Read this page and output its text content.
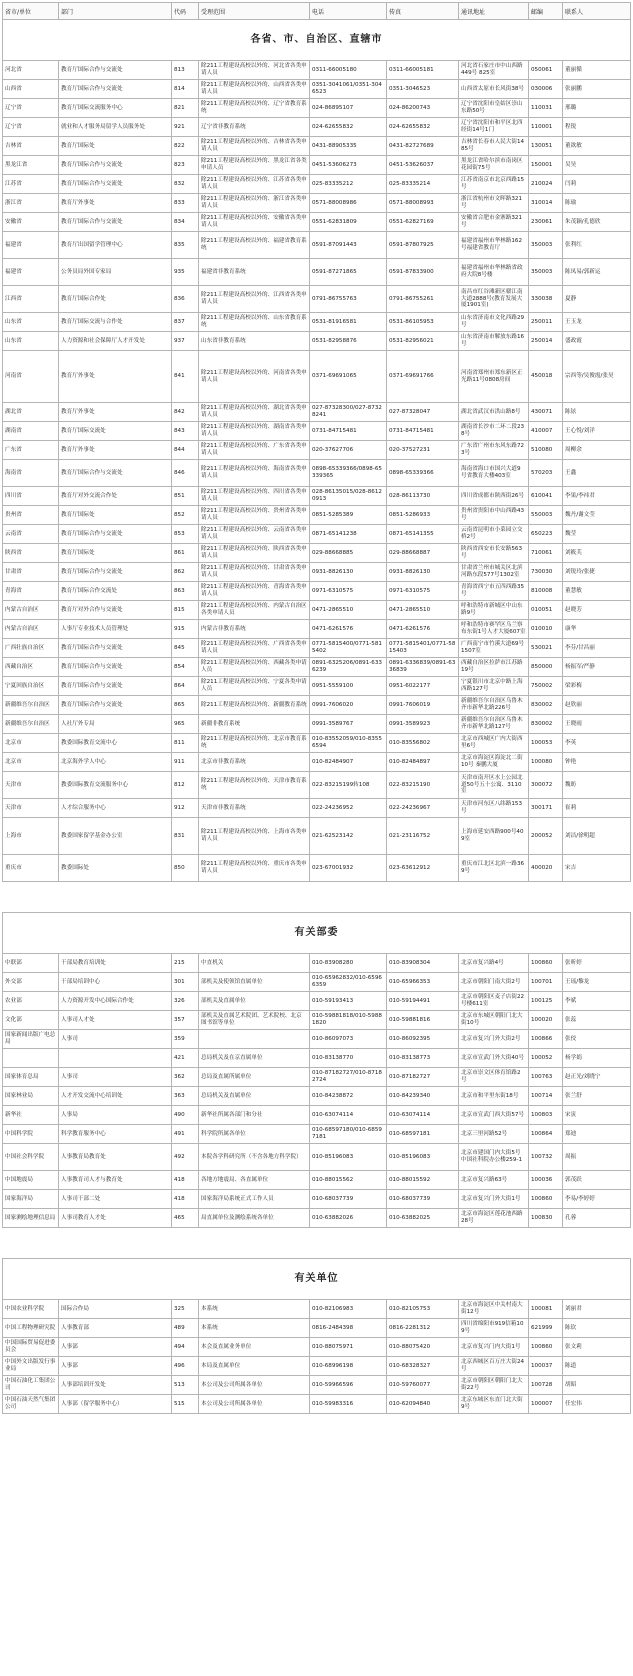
省市/单位	部门	代码	受理范围	电话	传真	通讯地址	邮编	联系人
各省、市、自治区、直辖市								
河北省	教育厅国际合作与交流处	813	除211工程建设高校以外的、河北省各类申请人员	0311-66005180	0311-66005181	河北省石家庄市中山西路449号 825室	050061	董丽循
山西省	教育厅国际合作与交流处	814	除211工程建设高校以外的、山西省各类申请人员	0351-3041061/0351-3046523	0351-3046523	山西省太原市长风街38号	030006	张丽鹏
辽宁省	教育厅国际交流服务中心	821	除211工程建设高校以外的、辽宁省教育系统	024-86895107	024-86200743	辽宁省沈阳市皇姑区崇山东路50号	110031	邢璐
辽宁省	就业和人才服务局留学人员服务处	921	辽宁省非教育系统	024-62655832	024-62655832	辽宁省沈阳市和平区北四经街14号1门	110001	程锐
吉林省	教育厅国际处	822	除211工程建设高校以外的、吉林省各类申请人员	0431-88905335	0431-82727689	吉林省长春市人民大街1485号	130051	董欲敏
黑龙江省	教育厅国际合作与交流处	823	除211工程建设高校以外的、黑龙江省各类申请人员	0451-53606273	0451-53626037	黑龙江省哈尔滨市南岗区花园街75号	150001	吴昊
江苏省	教育厅国际合作与交流处	832	除211工程建设高校以外的、江苏省各类申请人员	025-83335212	025-83335214	江苏省南京市北京西路15号	210024	闫莉
浙江省	教育厅外事处	833	除211工程建设高校以外的、浙江省各类申请人员	0571-88008986	0571-88008993	浙江省杭州市文晖路321号	310014	陈瑜
安徽省	教育厅国际合作与交流处	834	除211工程建设高校以外的、安徽省各类申请人员	0551-62831809	0551-62827169	安徽省合肥市金寨路321号	230061	朱茂颖/孔德欣
福建省	教育厅出国留学管理中心	835	除211工程建设高校以外的、福建省教育系统	0591-87091443	0591-87807925	福建省福州市华林路162号福建省教育厅	350003	张利红
福建省	公务员局外国专家局	935	福建省非教育系统	0591-87271865	0591-87833900	福建省福州市华林路省政府大院8号楼	350003	陈凤易/郭新运
江西省	教育厅国际合作处	836	除211工程建设高校以外的、江西省各类申请人员	0791-86755763	0791-86755261	南昌市红谷滩新区赣江南大道2888号(教育发展大厦1901室)	330038	夏静
山东省	教育厅国际交流与合作处	837	除211工程建设高校以外的、山东省教育系统	0531-81916581	0531-86105953	山东省济南市文化西路29号	250011	王玉龙
山东省	人力资源和社会保障厅人才开发处	937	山东省非教育系统	0531-82958876	0531-82956021	山东省济南市解放东路16号	250014	盛政霞
河南省	教育厅外事处	841	除211工程建设高校以外的、河南省各类申请人员	0371-69691065	0371-69691766	河南省郑州市郑东新区正光路11号0808房间	450018	宗西等/吴俊霞/张昊
湖北省	教育厅外事处	842	除211工程建设高校以外的、湖北省各类申请人员	027-87328300/027-87328241	027-87328047	湖北省武汉市洪山路8号	430071	陈铉
湖南省	教育厅国际交流处	843	除211工程建设高校以外的、湖南省各类申请人员	0731-84715481	0731-84715481	湖南省长沙市二环二段238号	410007	王心悦/刘洋
广东省	教育厅外事处	844	除211工程建设高校以外的、广东省各类申请人员	020-37627706	020-37527231	广东省广州市东风东路723号	510080	周柳余
海南省	教育厅国际合作与交流处	846	除211工程建设高校以外的、海南省各类申请人员	0898-65339366/0898-65339365	0898-65339366	海南省海口市国兴大道9号省教育大楼403室	570203	王鑫
四川省	教育厅对外交流合作处	851	除211工程建设高校以外的、四川省各类申请人员	028-86135015/028-86120913	028-86113730	四川省成都市陕西街26号	610041	李果/李祎君
贵州省	教育厅国际处	852	除211工程建设高校以外的、贵州省各类申请人员	0851-5285389	0851-5286933	贵州省贵阳市中山西路43号	550003	魏丹/谢文莹
云南省	教育厅国际合作与交流处	853	除211工程建设高校以外的、云南省各类申请人员	0871-65141238	0871-65141355	云南省昆明市小菜园立交桥2号	650223	魏莹
陕西省	教育厅国际处	861	除211工程建设高校以外的、陕西省各类申请人员	029-88668885	029-88668887	陕西省西安市长安路563号	710061	刘筱芙
甘肃省	教育厅国际合作与交流处	862	除211工程建设高校以外的、甘肃省各类申请人员	0931-8826130	0931-8826130	甘肃省兰州市城关区北滨河路东段577号1302室	730030	刘锐玲/张捷
青海省	教育厅国际合作交流处	863	除211工程建设高校以外的、青海省各类申请人员	0971-6310575	0971-6310575	青海省西宁市五四西路35号	810008	董慧敏
内蒙古自治区	教育厅对外合作与交流处	815	除211工程建设高校以外的、内蒙古自治区各类申请人员	0471-2865510	0471-2865510	呼和浩特市新城区中山东路9号	010051	赵晓芳
内蒙古自治区	人事厅专业技术人员管理处	915	内蒙古非教育系统	0471-6261576	0471-6261576	呼和浩特市赛罕区乌兰察布东街1号人才大厦607室	010010	康华
广西壮族自治区	教育厅国际合作与交流处	845	除211工程建设高校以外的、广西省各类申请人员	0771-5815400/0771-5815402	0771-5815401/0771-5815403	广西南宁市竹溪大道69号1507室	530021	李芬/甘昌丽
西藏自治区	教育厅国际合作与交流处	854	除211工程建设高校以外的、西藏各类申请人员	0891-6325206/0891-6336239	0891-6336839/0891-6336839	西藏自治区拉萨市江苏路19号	850000	杨振军/严静
宁夏回族自治区	教育厅国际合作与交流处	864	除211工程建设高校以外的、宁夏各类申请人员	0951-5559100	0951-6022177	宁夏银川市北京中路上海西路127号	750002	梁彩梅
新疆维吾尔自治区	教育厅国际合作与交流处	865	除211工程建设高校以外的、新疆教育系统	0991-7606020	0991-7606019	新疆维吾尔自治区乌鲁木齐市新华北路226号	830002	赵欣丽
新疆维吾尔自治区	人社厅外专局	965	新疆非教育系统	0991-3589767	0991-3589923	新疆维吾尔自治区乌鲁木齐市新华北路127号	830002	王晓雨
北京市	教委国际教育交流中心	811	除211工程建设高校以外的、北京市教育系统	010-83552059/010-83556594	010-83556802	北京市西城区广内大街西里6号	100053	李英
北京市	北京海外学人中心	911	北京市非教育系统	010-82484907	010-82484897	北京市海淀区海淀北二街10号 秦鹏大厦	100080	钟艳
天津市	教委国际教育交流服务中心	812	除211工程建设高校以外的、天津市教育系统	022-83215199转108	022-83215190	天津市南开区水上公园北道50号五十公寓、3110室	300072	魏昉
天津市	人才综合服务中心	912	天津市非教育系统	022-24236952	022-24236967	天津市河东区八纬路153号	300171	崔莉
上海市	教委国家留学基金办公室	831	除211工程建设高校以外的、上海市各类申请人员	021-62523142	021-23116752	上海市延安西路900号409室	200052	刘洁/徐明超
重庆市	教委国际处	850	除211工程建设高校以外的、重庆市各类申请人员	023-67001932	023-63612912	重庆市江北区北滨一路369号	400020	宋吉

有关部委								
中联部	干部局教育培训处	215	中直机关	010-83908280	010-83908304	北京市复兴路4号	100860	张昕婷
外交部	干部局培训中心	301	部机关及使领馆直属单位	010-65962832/010-65966359	010-65966353	北京市朝阳门南大街2号	100701	王瑶/黎龙
农业部	人力资源开发中心国际合作处	326	部机关及直属单位	010-59193413	010-59194491	北京市朝阳区麦子店街22号楼611室	100125	李斌
文化部	人事司人才处	357	部机关及直属艺术院团、艺术院校、北京图书馆等单位	010-59881818/010-59881820	010-59881816	北京市东城区朝阳门北大街10号	100020	张蕊
国家新闻出版广电总局	人事司	359		010-86097073	010-86092395	北京市复兴门外大街2号	100866	张佼
		421	总局机关及在京直属单位	010-83138770	010-83138773	北京市宣武门外大街40号	100052	杨学娟
国家体育总局	人事司	362	总局及直属所属单位	010-87182727/010-87182724	010-87182727	北京市崇文区体育馆路2号	100763	赵正光/刘晓宁
国家林业局	人才开发交流中心培训处	363	总局机关及直属单位	010-84238872	010-84239340	北京市和平里东街18号	100714	张兰舒
新华社	人事局	490	新华社所属各部门和分社	010-63074114	010-63074114	北京市宣武门西大街57号	100803	宋寅
中国科学院	科学教育服务中心	491	科学院所属各单位	010-68597180/010-68597181	010-68597181	北京三里河路52号	100864	郑迪
中国社会科学院	人事教育局教育处	492	本院各学科研究所（不含各地方科学院）	010-85196083	010-85196083	北京市建国门内大街5号中国社科院办公楼259-1	100732	周振
中国地震局	人事教育司人才与教育处	418	各地方地震局、各直属单位	010-88015562	010-88015592	北京市复兴路63号	100036	郭茂跃
国家海洋局	人事司干部二处	418	国家海洋局系统正式工作人员	010-68037739	010-68037739	北京市复兴门外大街1号	100860	李易/李婷婷
国家测绘地理信息局	人事司教育人才处	465	局直属单位及测绘系统各单位	010-63882026	010-63882025	北京市海淀区莲花池西路28号	100830	孔蓉

有关单位								
中国农业科学院	国际合作局	325	本系统	010-82106983	010-82105753	北京市海淀区中关村南大街12号	100081	刘丽君
中国工程物理研究院	人事教育部	489	本系统	0816-2484398	0816-2281312	四川省绵阳市919信箱109号	621999	陈钦
中国国际贸易促进委员会	人事部	494	本会及直属业务单位	010-88075971	010-88075420	北京市复兴门内大街1号	100860	张文莉
中国外文出版发行事业局	人事部	496	本局及直属单位	010-68996198	010-68328327	北京西城区百万庄大街24号	100037	陈道
中国石油化工集团公司	人事部培训开发处	513	本公司及公司所属各单位	010-59966596	010-59760077	北京市朝阳区朝阳门北大街22号	100728	胡昭
中国石油天然气集团公司	人事部（留学服务中心）	515	本公司及公司所属各单位	010-59983316	010-62094840	北京东城区东直门北大街9号	100007	任宏伟
